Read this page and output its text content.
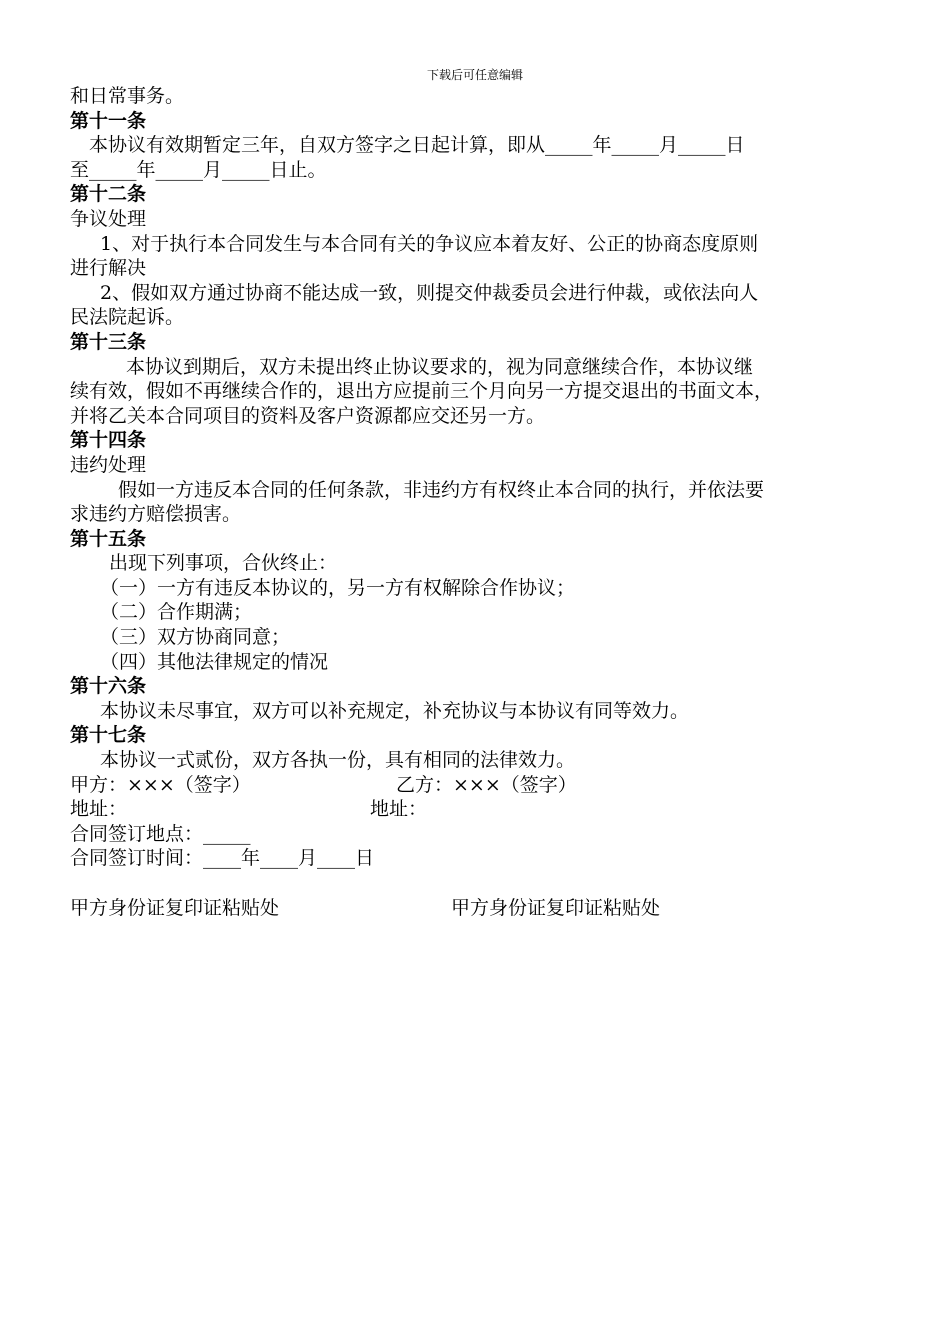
下载后可任意编辑
和日常事务。
第十一条
本协议有效期暂定三年，自双方签字之日起计算，即从_____年_____月_____日
至_____年_____月_____日止。
第十二条
争议处理
1、对于执行本合同发生与本合同有关的争议应本着友好、公正的协商态度原则
进行解决
2、假如双方通过协商不能达成一致，则提交仲裁委员会进行仲裁，或依法向人
民法院起诉。
第十三条
本协议到期后，双方未提出终止协议要求的，视为同意继续合作，本协议继
续有效，假如不再继续合作的，退出方应提前三个月向另一方提交退出的书面文本，
并将乙关本合同项目的资料及客户资源都应交还另一方。
第十四条
违约处理
假如一方违反本合同的任何条款，非违约方有权终止本合同的执行，并依法要
求违约方赔偿损害。
第十五条
出现下列事项，合伙终止：
（一）一方有违反本协议的，另一方有权解除合作协议；
（二）合作期满；
（三）双方协商同意；
（四）其他法律规定的情况
第十六条
本协议未尽事宜，双方可以补充规定，补充协议与本协议有同等效力。
第十七条
本协议一式贰份，双方各执一份，具有相同的法律效力。
甲方：×××（签字）	乙方：×××（签字）
地址：	地址：
合同签订地点：_____
合同签订时间：____年____月____日
甲方身份证复印证粘贴处	甲方身份证复印证粘贴处
